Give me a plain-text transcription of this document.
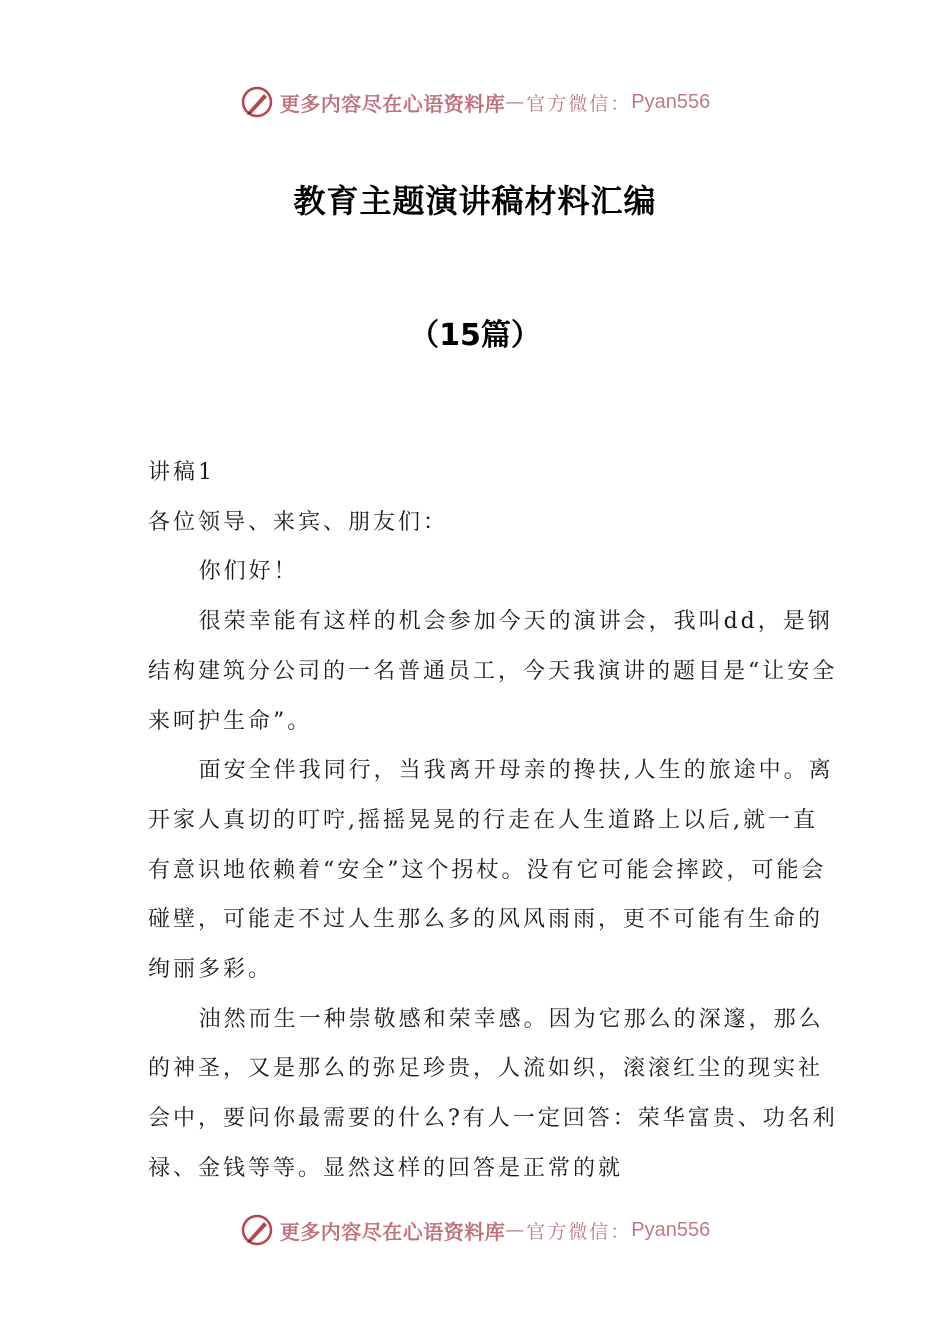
更多内容尽在心语资料库 — 官方微信： Pyan556
教育主题演讲稿材料汇编
（15篇）

讲稿1

各位领导、来宾、朋友们：

你们好！

很荣幸能有这样的机会参加今天的演讲会，我叫dd，是钢结构建筑分公司的一名普通员工，今天我演讲的题目是“让安全来呵护生命”。

面安全伴我同行，当我离开母亲的搀扶,人生的旅途中。离开家人真切的叮咛,摇摇晃晃的行走在人生道路上以后,就一直有意识地依赖着“安全”这个拐杖。没有它可能会摔跤，可能会碰壁，可能走不过人生那么多的风风雨雨，更不可能有生命的绚丽多彩。

油然而生一种崇敬感和荣幸感。因为它那么的深邃，那么的神圣，又是那么的弥足珍贵，人流如织，滚滚红尘的现实社会中，要问你最需要的什么?有人一定回答：荣华富贵、功名利禄、金钱等等。显然这样的回答是正常的就

更多内容尽在心语资料库 — 官方微信： Pyan556
